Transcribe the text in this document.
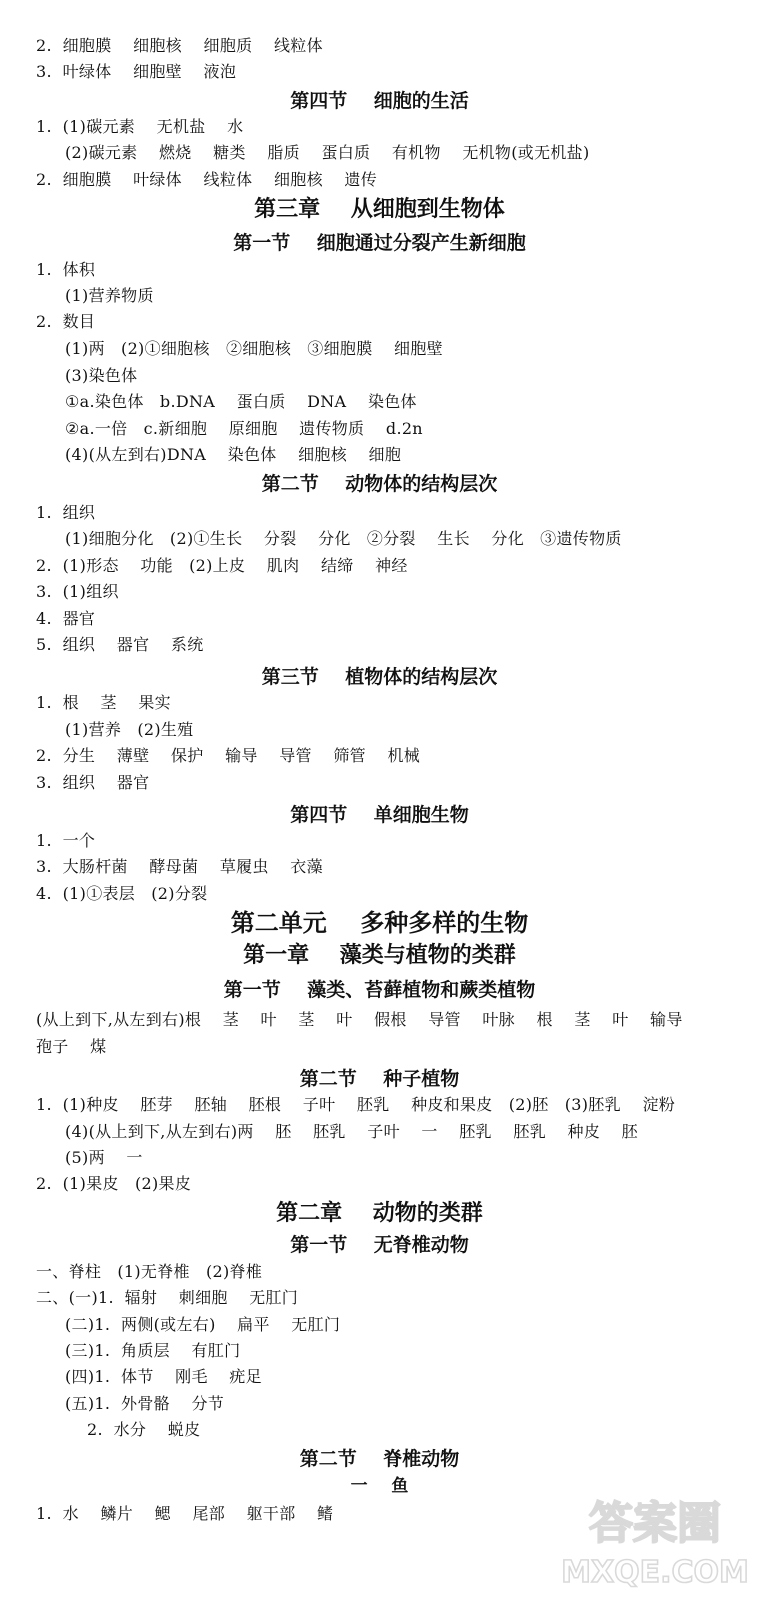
2.  细胞膜    细胞核    细胞质    线粒体
3.  叶绿体    细胞壁    液泡
第四节    细胞的生活
1.  (1)碳元素    无机盐    水
(2)碳元素    燃烧    糖类    脂质    蛋白质    有机物    无机物(或无机盐)
2.  细胞膜    叶绿体    线粒体    细胞核    遗传
第三章    从细胞到生物体
第一节    细胞通过分裂产生新细胞
1.  体积
(1)营养物质
2.  数目
(1)两   (2)①细胞核   ②细胞核   ③细胞膜    细胞壁
(3)染色体
①a.染色体   b.DNA    蛋白质    DNA    染色体
②a.一倍   c.新细胞    原细胞    遗传物质    d.2n
(4)(从左到右)DNA    染色体    细胞核    细胞
第二节    动物体的结构层次
1.  组织
(1)细胞分化   (2)①生长    分裂    分化   ②分裂    生长    分化   ③遗传物质
2.  (1)形态    功能   (2)上皮    肌肉    结缔    神经
3.  (1)组织
4.  器官
5.  组织    器官    系统
第三节    植物体的结构层次
1.  根    茎    果实
(1)营养   (2)生殖
2.  分生    薄壁    保护    输导    导管    筛管    机械
3.  组织    器官
第四节    单细胞生物
1.  一个
3.  大肠杆菌    酵母菌    草履虫    衣藻
4.  (1)①表层   (2)分裂
第二单元    多种多样的生物
第一章    藻类与植物的类群
第一节    藻类、苔藓植物和蕨类植物
(从上到下,从左到右)根    茎    叶    茎    叶    假根    导管    叶脉    根    茎    叶    输导
孢子    煤
第二节    种子植物
1.  (1)种皮    胚芽    胚轴    胚根    子叶    胚乳    种皮和果皮   (2)胚   (3)胚乳    淀粉
(4)(从上到下,从左到右)两    胚    胚乳    子叶    一    胚乳    胚乳    种皮    胚
(5)两    一
2.  (1)果皮   (2)果皮
第二章    动物的类群
第一节    无脊椎动物
一、脊柱   (1)无脊椎   (2)脊椎
二、(一)1.  辐射    刺细胞    无肛门
(二)1.  两侧(或左右)    扁平    无肛门
(三)1.  角质层    有肛门
(四)1.  体节    刚毛    疣足
(五)1.  外骨骼    分节
2.  水分    蜕皮
第二节    脊椎动物
一    鱼
1.  水    鳞片    鳃    尾部    躯干部    鳍	答案圈
MXQE.COM
